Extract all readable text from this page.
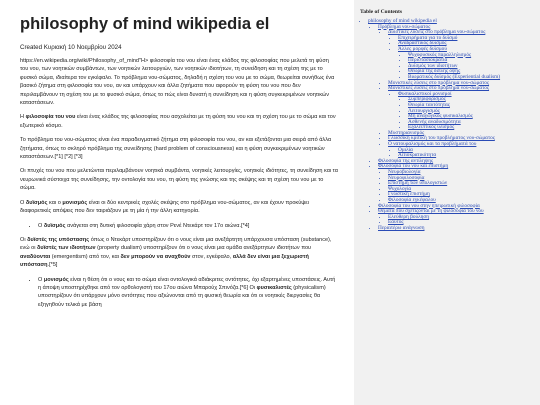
philosophy of mind wikipedia el
Created Κυριακή 10 Νοεμβρίου 2024

https://en.wikipedia.org/wiki/Philosophy_of_mind"H> φιλοσοφία του νου είναι ένας κλάδος της φιλοσοφίας που μελετά τη φύση του νου, των νοητικών συμβάντων, των νοητικών λειτουργιών, των νοητικών ιδιοτήτων, τη συνείδηση και τη σχέση της με το φυσικό σώμα, ιδιαίτερα τον εγκέφαλο. Το πρόβλημα νου-σώματος, δηλαδή η σχέση του νου με το σώμα, θεωρείται συνήθως ένα βασικό ζήτημα στη φιλοσοφία του νου, αν και υπάρχουν και άλλα ζητήματα που αφορούν τη φύση του νου που δεν περιλαμβάνουν τη σχέση του με το φυσικό σώμα, όπως το πώς είναι δυνατή η συνείδηση και η φύση συγκεκριμένων νοητικών καταστάσεων.

Η φιλοσοφία του νου είναι ένας κλάδος της φιλοσοφίας που ασχολείται με τη φύση του νου και τη σχέση του με το σώμα και τον εξωτερικό κόσμο.

Το πρόβλημα του νου-σώματος είναι ένα παραδειγματικό ζήτημα στη φιλοσοφία του νου, αν και εξετάζονται μια σειρά από άλλα ζητήματα, όπως το σκληρό πρόβλημα της συνείδησης (hard problem of consciousness) και η φύση συγκεκριμένων νοητικών καταστάσεων.[*1] [*2] [*3]

Οι πτυχές του νου που μελετώνται περιλαμβάνουν νοητικά συμβάντα, νοητικές λειτουργίες, νοητικές ιδιότητες, τη συνείδηση και τα νευρωνικά σύστοιχα της συνείδησης, την οντολογία του νου, τη φύση της γνώσης και της σκέψης και τη σχέση του νου με το σώμα.

Ο δυϊσμός και ο μονισμός είναι οι δύο κεντρικές σχολές σκέψης στο πρόβλημα νου-σώματος, αν και έχουν προκύψει διαφορετικές απόψεις που δεν ταιριάζουν με τη μία ή την άλλη κατηγορία.

• Ο δυϊσμός ανάγεται στη δυτική φιλοσοφία χάρη στον Ρενέ Ντεκάρτ τον 17ο αιώνα.[*4]

Οι δυϊστές της υπόστασης όπως ο Ντεκάρτ υποστηρίζουν ότι ο νους είναι μια ανεξάρτητη υπάρχουσα υπόσταση (substance), ενώ οι δυϊστές των ιδιοτήτων (property dualism) υποστηρίζουν ότι ο νους είναι μια ομάδα ανεξάρτητων ιδιοτήτων που αναδύονται (emergentism) από τον, και δεν μπορούν να αναχθούν στον, εγκέφαλο, αλλά δεν είναι μια ξεχωριστή υπόσταση.[*5]

• Ο μονισμός είναι η θέση ότι ο νους και το σώμα είναι οντολογικά αδιάκριτες οντότητες, όχι εξαρτημένες υποστάσεις. Αυτή η άποψη υποστηρίχθηκε από τον ορθολογιστή του 17ου αιώνα Μπαρούχ Σπινόζα.[*6] Οι φυσικαλιστές (physicalism) υποστηρίζουν ότι υπάρχουν μόνο οντότητες που αξιώνονται από τη φυσική θεωρία και ότι οι νοητικές διεργασίες θα εξηγηθούν τελικά με βάση
Table of Contents
• philosophy of mind wikipedia el
• Πρόβλημα νου-σώματος
• Δυϊστικές λύσεις στο πρόβλημα νου-σώματος
• Επιχειρήματα για το δυϊσμό
• Αναδραστικός δυϊσμός
• Άλλες μορφές δυϊσμού
• Ψυχοφυσικός παραλληλισμός
• Περιστασιοκρατία
• Δυϊσμός των ιδιοτήτων
• Θεωρία της διπλής όψης
• Βιωματικός δυϊσμός (Experiential dualism)
• Μονιστικές λύσεις στο πρόβλημα νου-σώματος
• Μονιστικές λύσεις στο πρόβλημα νου-σώματος
• Φυσικαλιστικοί μονισμοί
• Συμπεριφορισμός
• Θεωρία ταυτότητας
• Λειτουργισμός
• Μη αναγωγικός φυσικαλισμός
• Ασθενής αναδυσιμότητα
• Εξαλειπτικός υλισμός
• Μυστηριανισμός
• Γλωσσική κριτική του προβλήματος νου-σώματος
• Ο νατουραλισμός και τα προβλήματά του
• Ομιλία
• Αιτιοκρατικότητα
• Φιλοσοφία της αντίληψης
• Φιλοσοφία του νου και επιστήμη
• Νευροβιολογία
• Νευροφιλοσοφία
• Επιστήμη των υπολογιστών
• Ψυχολογία
• Γνωστική επιστήμη
• Φιλοσοφία εγκέφαλου
• Φιλοσοφία του νου στην ηπειρωτική φιλοσοφία
• Θέματα που σχετίζονται με τη φιλοσοφία του νου
• Ελεύθερη βούληση
• Εαυτός
• Περαιτέρω ανάγνωση
